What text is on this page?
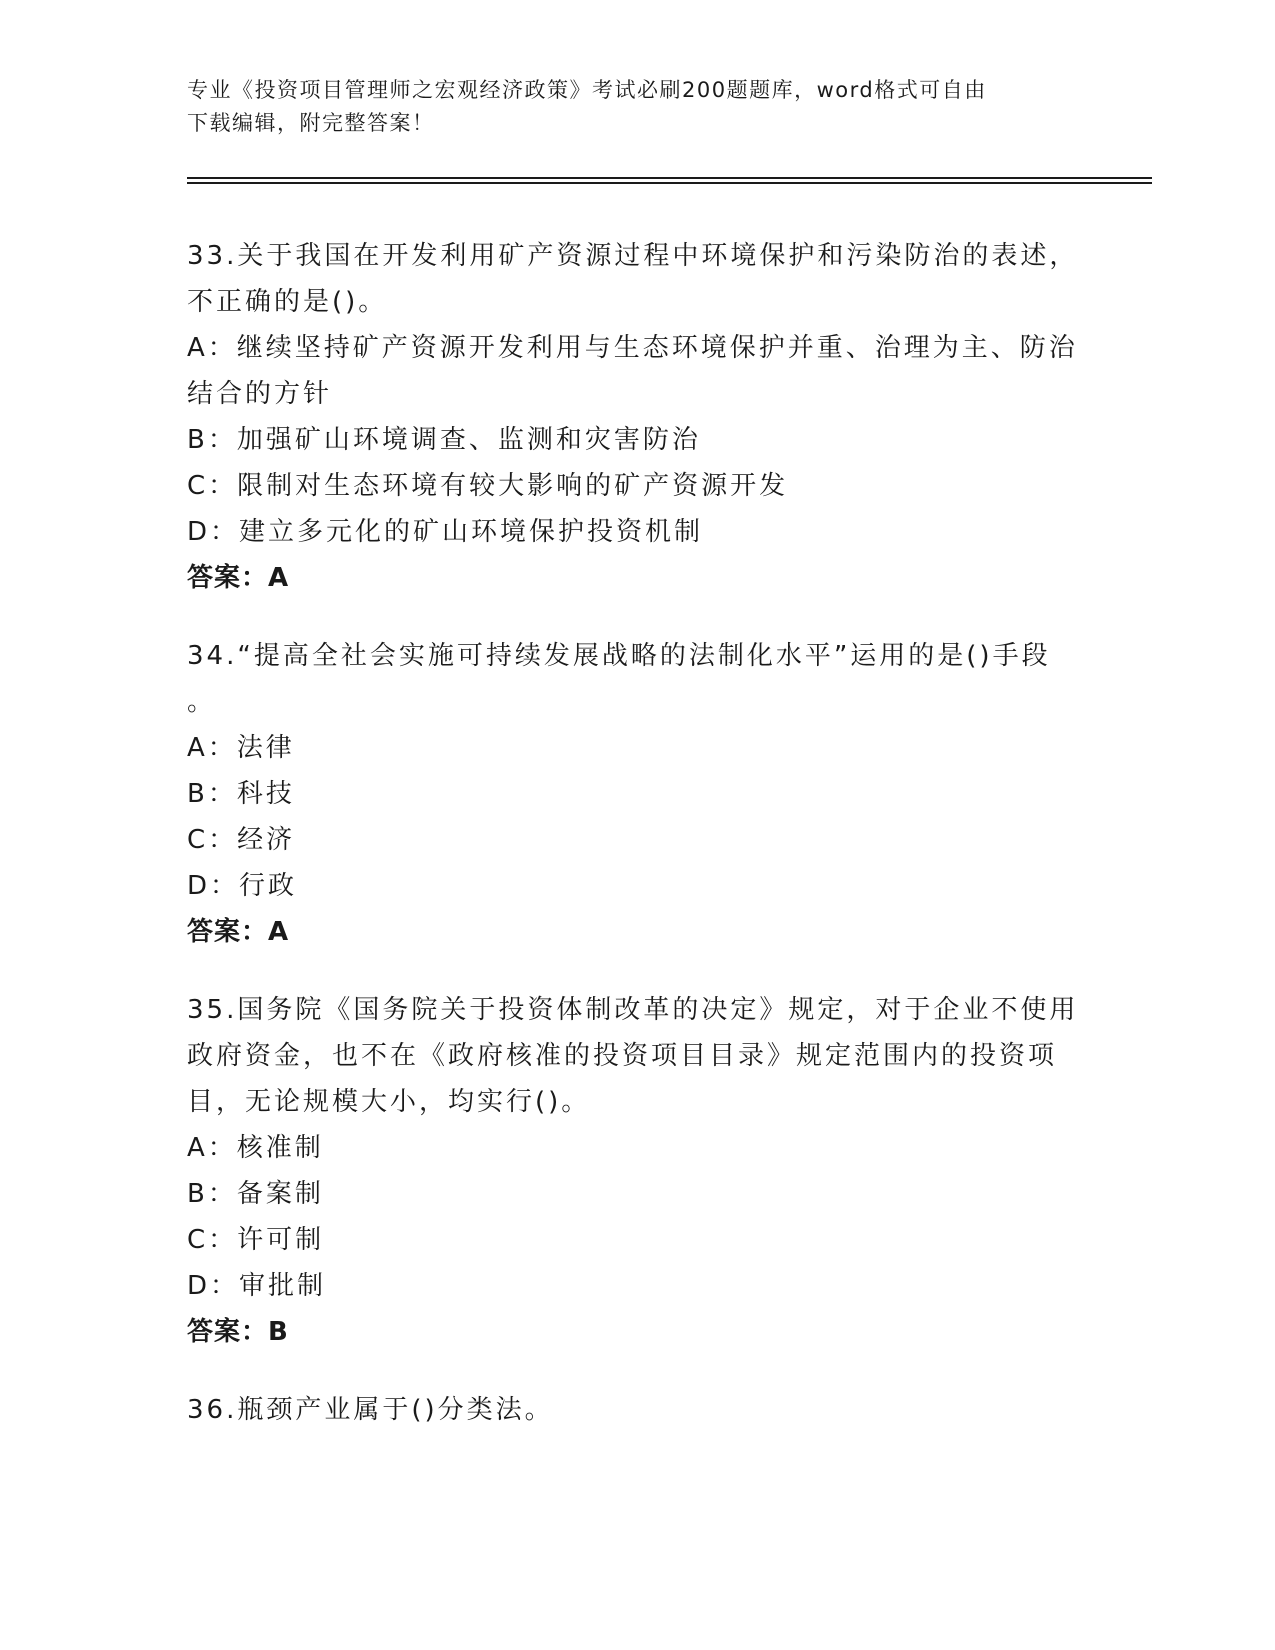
专业《投资项目管理师之宏观经济政策》考试必刷200题题库，word格式可自由
下载编辑，附完整答案！
33.关于我国在开发利用矿产资源过程中环境保护和污染防治的表述，
不正确的是()。
A：继续坚持矿产资源开发利用与生态环境保护并重、治理为主、防治
结合的方针
B：加强矿山环境调查、监测和灾害防治
C：限制对生态环境有较大影响的矿产资源开发
D：建立多元化的矿山环境保护投资机制
答案：A
34.“提高全社会实施可持续发展战略的法制化水平”运用的是()手段
。
A：法律
B：科技
C：经济
D：行政
答案：A
35.国务院《国务院关于投资体制改革的决定》规定，对于企业不使用
政府资金，也不在《政府核准的投资项目目录》规定范围内的投资项
目，无论规模大小，均实行()。
A：核准制
B：备案制
C：许可制
D：审批制
答案：B
36.瓶颈产业属于()分类法。
